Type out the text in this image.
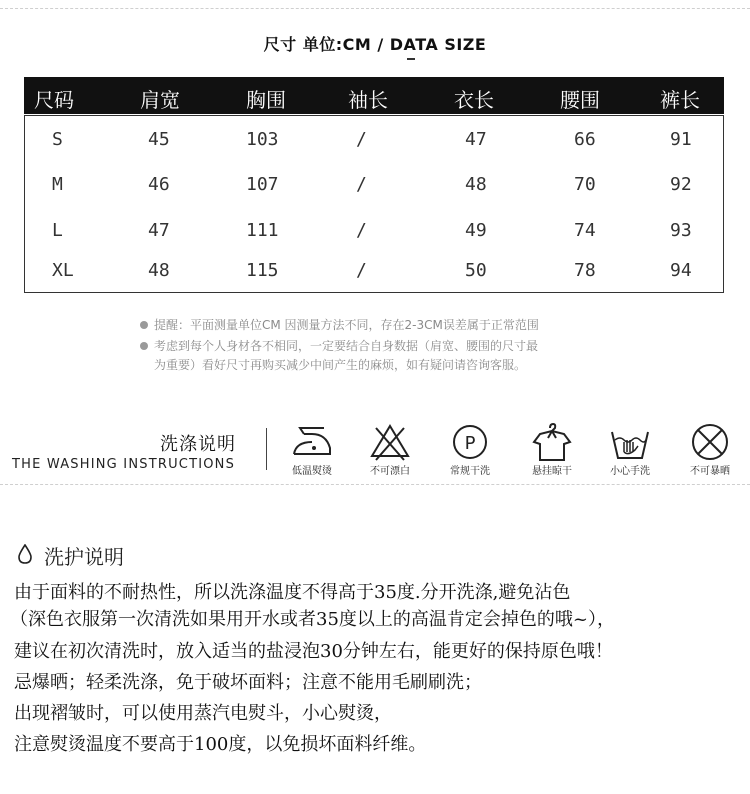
尺寸 单位:CM / DATA SIZE
尺码	肩宽	胸围	袖长	衣长	腰围	裤长
S	45	103	/	47	66	91
M	46	107	/	48	70	92
L	47	111	/	49	74	93
XL	48	115	/	50	78	94
提醒：平面测量单位CM 因测量方法不同，存在2-3CM误差属于正常范围
考虑到每个人身材各不相同，一定要结合自身数据（肩宽、腰围的尺寸最
为重要）看好尺寸再购买减少中间产生的麻烦，如有疑问请咨询客服。
洗涤说明
THE WASHING INSTRUCTIONS	低温熨烫	不可漂白
P
常规干洗	悬挂晾干	小心手洗	不可暴晒
洗护说明
由于面料的不耐热性，所以洗涤温度不得高于35度.分开洗涤,避免沾色
（深色衣服第一次清洗如果用开水或者35度以上的高温肯定会掉色的哦~），
建议在初次清洗时，放入适当的盐浸泡30分钟左右，能更好的保持原色哦！
忌爆晒；轻柔洗涤，免于破坏面料；注意不能用毛刷刷洗；
出现褶皱时，可以使用蒸汽电熨斗，小心熨烫，
注意熨烫温度不要高于100度，以免损坏面料纤维。
